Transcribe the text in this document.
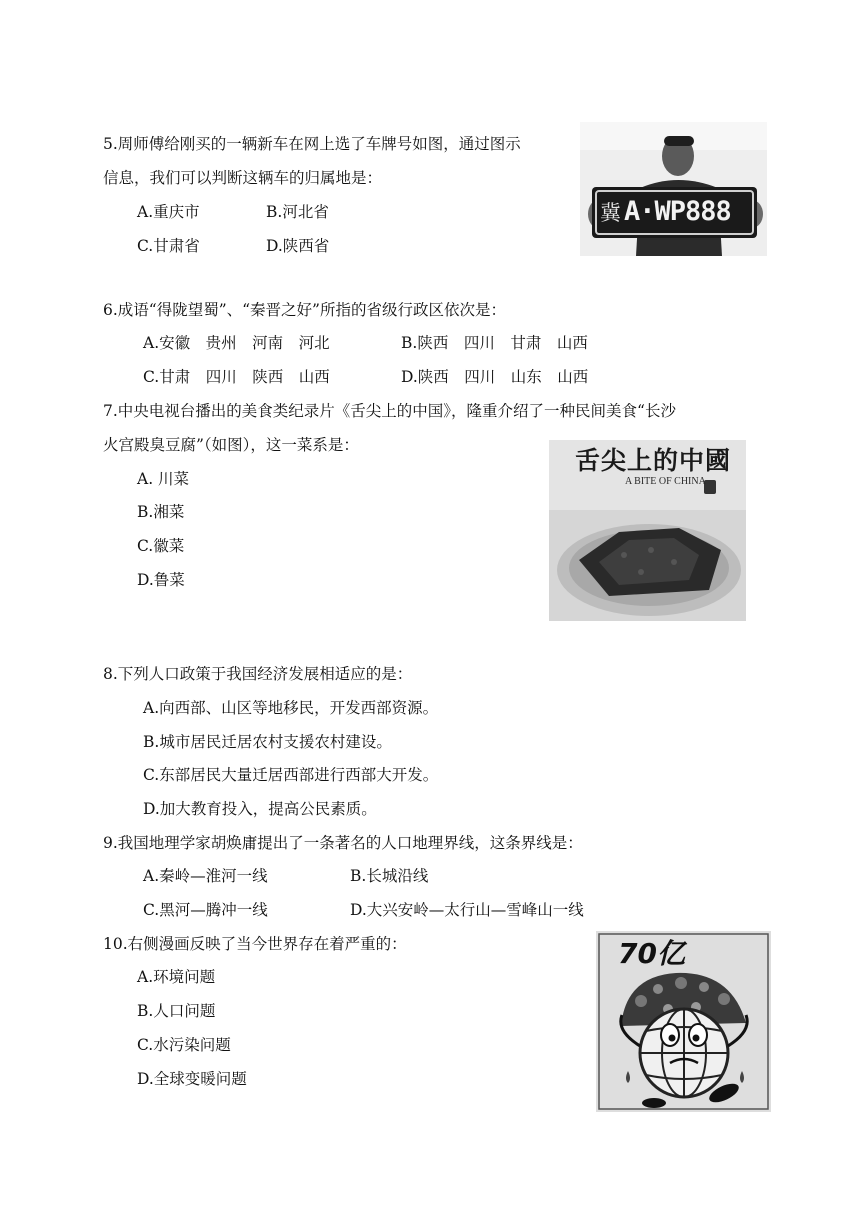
5.周师傅给刚买的一辆新车在网上选了车牌号如图，通过图示
信息，我们可以判断这辆车的归属地是：
A.重庆市	B.河北省
C.甘肃省	D.陕西省
冀 A·WP888
6.成语“得陇望蜀”、“秦晋之好”所指的省级行政区依次是：
A.安徽　贵州　河南　河北	B.陕西　四川　甘肃　山西
C.甘肃　四川　陕西　山西	D.陕西　四川　山东　山西
7.中央电视台播出的美食类纪录片《舌尖上的中国》，隆重介绍了一种民间美食“长沙
火宫殿臭豆腐”（如图），这一菜系是：
A. 川菜
B.湘菜
C.徽菜
D.鲁菜
舌尖上的中國
A BITE OF CHINA
8.下列人口政策于我国经济发展相适应的是：
A.向西部、山区等地移民，开发西部资源。
B.城市居民迁居农村支援农村建设。
C.东部居民大量迁居西部进行西部大开发。
D.加大教育投入，提高公民素质。
9.我国地理学家胡焕庸提出了一条著名的人口地理界线，这条界线是：
A.秦岭—淮河一线	B.长城沿线
C.黑河—腾冲一线	D.大兴安岭—太行山—雪峰山一线
10.右侧漫画反映了当今世界存在着严重的：
A.环境问题
B.人口问题
C.水污染问题
D.全球变暖问题
70亿
